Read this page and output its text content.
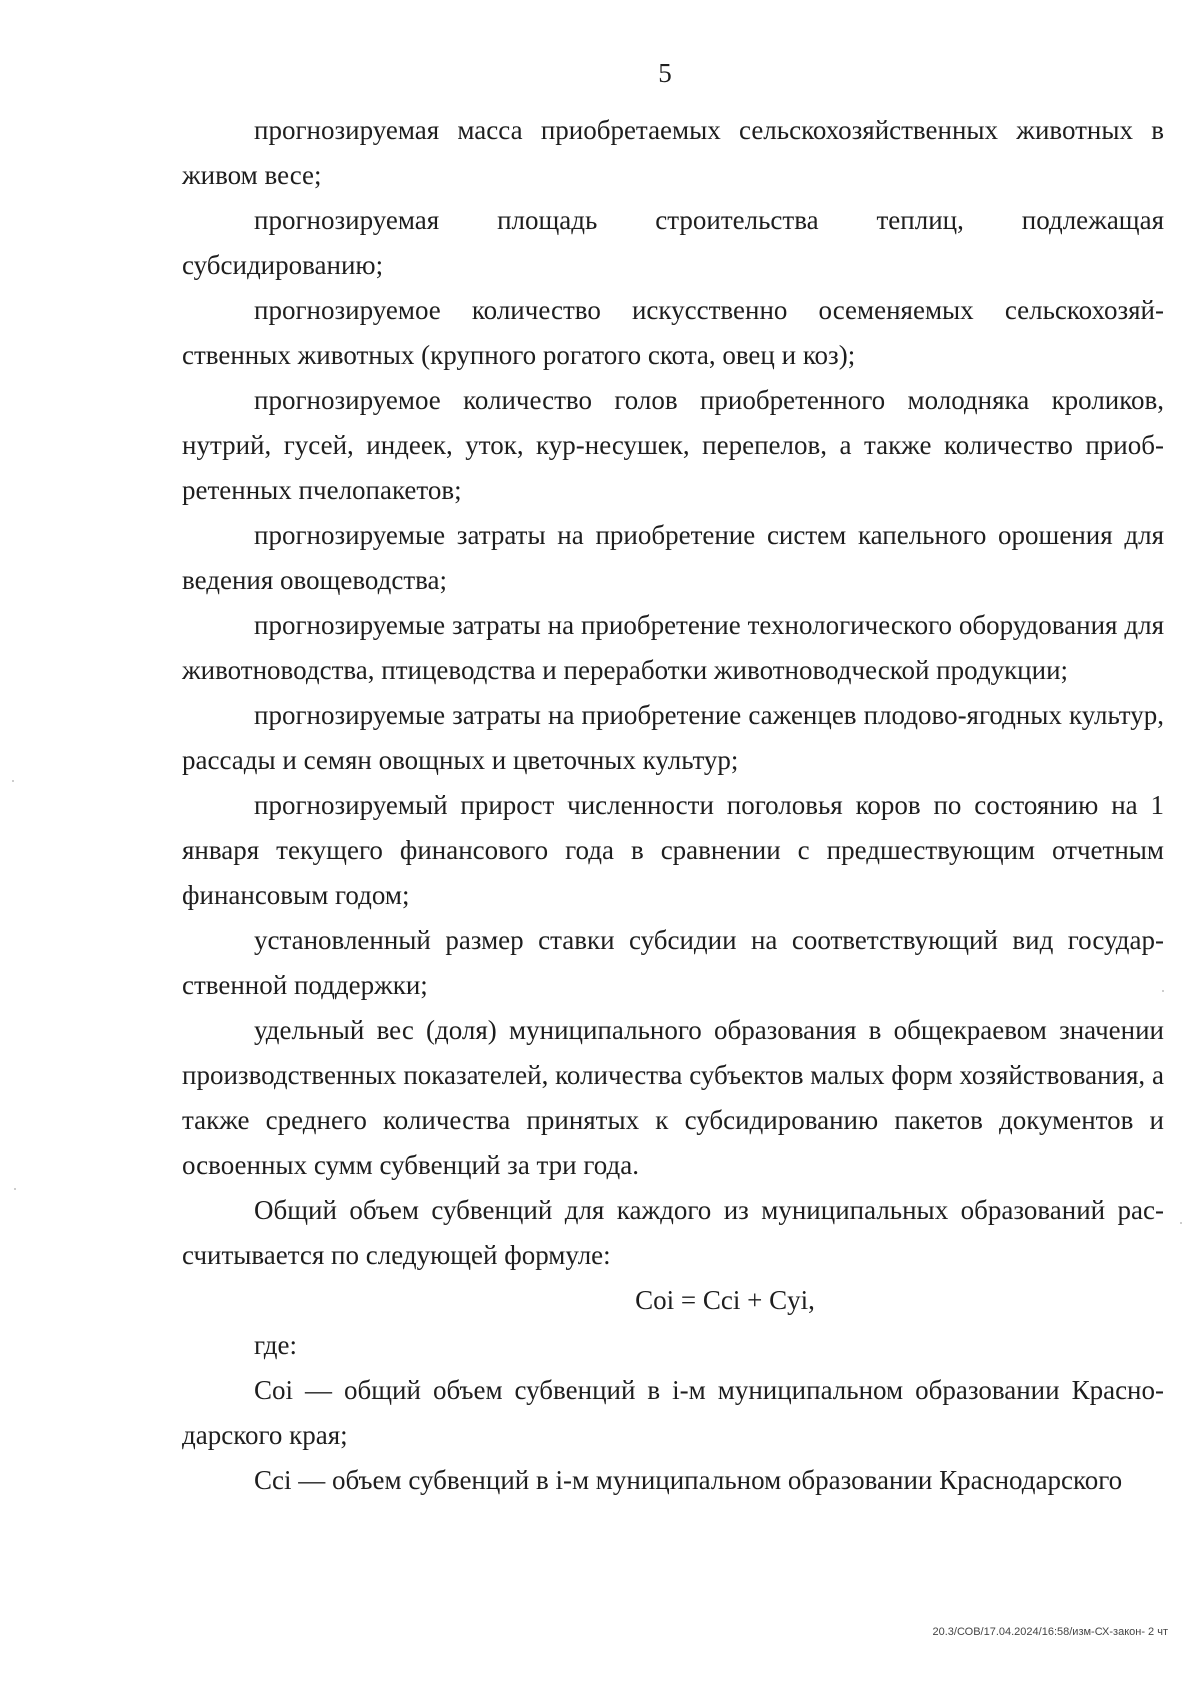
5

прогнозируемая масса приобретаемых сельскохозяйственных животных в живом весе;

прогнозируемая площадь строительства теплиц, подлежащая субсидированию;

прогнозируемое количество искусственно осеменяемых сельскохозяйственных животных (крупного рогатого скота, овец и коз);

прогнозируемое количество голов приобретенного молодняка кроликов, нутрий, гусей, индеек, уток, кур-несушек, перепелов, а также количество приобретенных пчелопакетов;

прогнозируемые затраты на приобретение систем капельного орошения для ведения овощеводства;

прогнозируемые затраты на приобретение технологического оборудования для животноводства, птицеводства и переработки животноводческой продукции;

прогнозируемые затраты на приобретение саженцев плодово-ягодных культур, рассады и семян овощных и цветочных культур;

прогнозируемый прирост численности поголовья коров по состоянию на 1 января текущего финансового года в сравнении с предшествующим отчетным финансовым годом;

установленный размер ставки субсидии на соответствующий вид государственной поддержки;

удельный вес (доля) муниципального образования в общекраевом значении производственных показателей, количества субъектов малых форм хозяйствования, а также среднего количества принятых к субсидированию пакетов документов и освоенных сумм субвенций за три года.

Общий объем субвенций для каждого из муниципальных образований рассчитывается по следующей формуле:

Coi = Cci + Cyi,

где:

Coi — общий объем субвенций в i-м муниципальном образовании Краснодарского края;

Cci — объем субвенций в i-м муниципальном образовании Краснодарского

20.3/СОВ/17.04.2024/16:58/изм-СХ-закон- 2 чт
